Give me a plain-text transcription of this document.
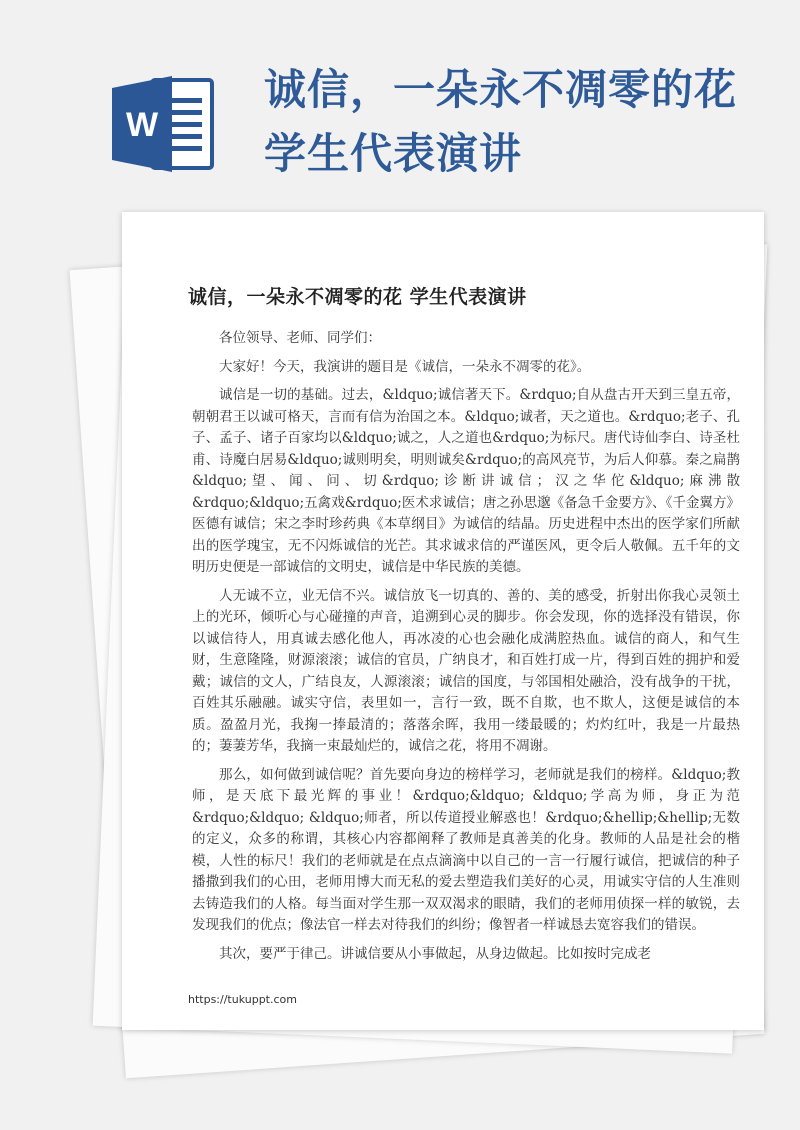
W
诚信，一朵永不凋零的花学生代表演讲
诚信，一朵永不凋零的花 学生代表演讲

各位领导、老师、同学们：

大家好！今天，我演讲的题目是《诚信，一朵永不凋零的花》。

诚信是一切的基础。过去，&ldquo;诚信著天下。&rdquo;自从盘古开天到三皇五帝，朝朝君王以诚可格天，言而有信为治国之本。&ldquo;诚者，天之道也。&rdquo;老子、孔子、孟子、诸子百家均以&ldquo;诚之，人之道也&rdquo;为标尺。唐代诗仙李白、诗圣杜甫、诗魔白居易&ldquo;诚则明矣，明则诚矣&rdquo;的高风亮节，为后人仰慕。秦之扁鹊&ldquo;望、闻、问、切&rdquo;诊断讲诚信；汉之华佗&ldquo;麻沸散&rdquo;&ldquo;五禽戏&rdquo;医术求诚信；唐之孙思邈《备急千金要方》、《千金翼方》医德有诚信；宋之李时珍药典《本草纲目》为诚信的结晶。历史进程中杰出的医学家们所献出的医学瑰宝，无不闪烁诚信的光芒。其求诚求信的严谨医风，更令后人敬佩。五千年的文明历史便是一部诚信的文明史，诚信是中华民族的美德。

人无诚不立，业无信不兴。诚信放飞一切真的、善的、美的感受，折射出你我心灵领土上的光环，倾听心与心碰撞的声音，追溯到心灵的脚步。你会发现，你的选择没有错误，你以诚信待人，用真诚去感化他人，再冰凌的心也会融化成满腔热血。诚信的商人，和气生财，生意隆隆，财源滚滚；诚信的官员，广纳良才，和百姓打成一片，得到百姓的拥护和爱戴；诚信的文人，广结良友，人源滚滚；诚信的国度，与邻国相处融洽，没有战争的干扰，百姓其乐融融。诚实守信，表里如一，言行一致，既不自欺，也不欺人，这便是诚信的本质。盈盈月光，我掬一捧最清的；落落余晖，我用一缕最暖的；灼灼红叶，我是一片最热的；萋萋芳华，我摘一束最灿烂的，诚信之花，将用不凋谢。

那么，如何做到诚信呢？首先要向身边的榜样学习，老师就是我们的榜样。&ldquo;教师，是天底下最光辉的事业！&rdquo;&ldquo; &ldquo;学高为师，身正为范&rdquo;&ldquo; &ldquo;师者，所以传道授业解惑也！&rdquo;&hellip;&hellip;无数的定义，众多的称谓，其核心内容都阐释了教师是真善美的化身。教师的人品是社会的楷模，人性的标尺！我们的老师就是在点点滴滴中以自己的一言一行履行诚信，把诚信的种子播撒到我们的心田，老师用博大而无私的爱去塑造我们美好的心灵，用诚实守信的人生准则去铸造我们的人格。每当面对学生那一双双渴求的眼睛，我们的老师用侦探一样的敏锐，去发现我们的优点；像法官一样去对待我们的纠纷；像智者一样诚恳去宽容我们的错误。

其次，要严于律己。讲诚信要从小事做起，从身边做起。比如按时完成老

https://tukuppt.com
